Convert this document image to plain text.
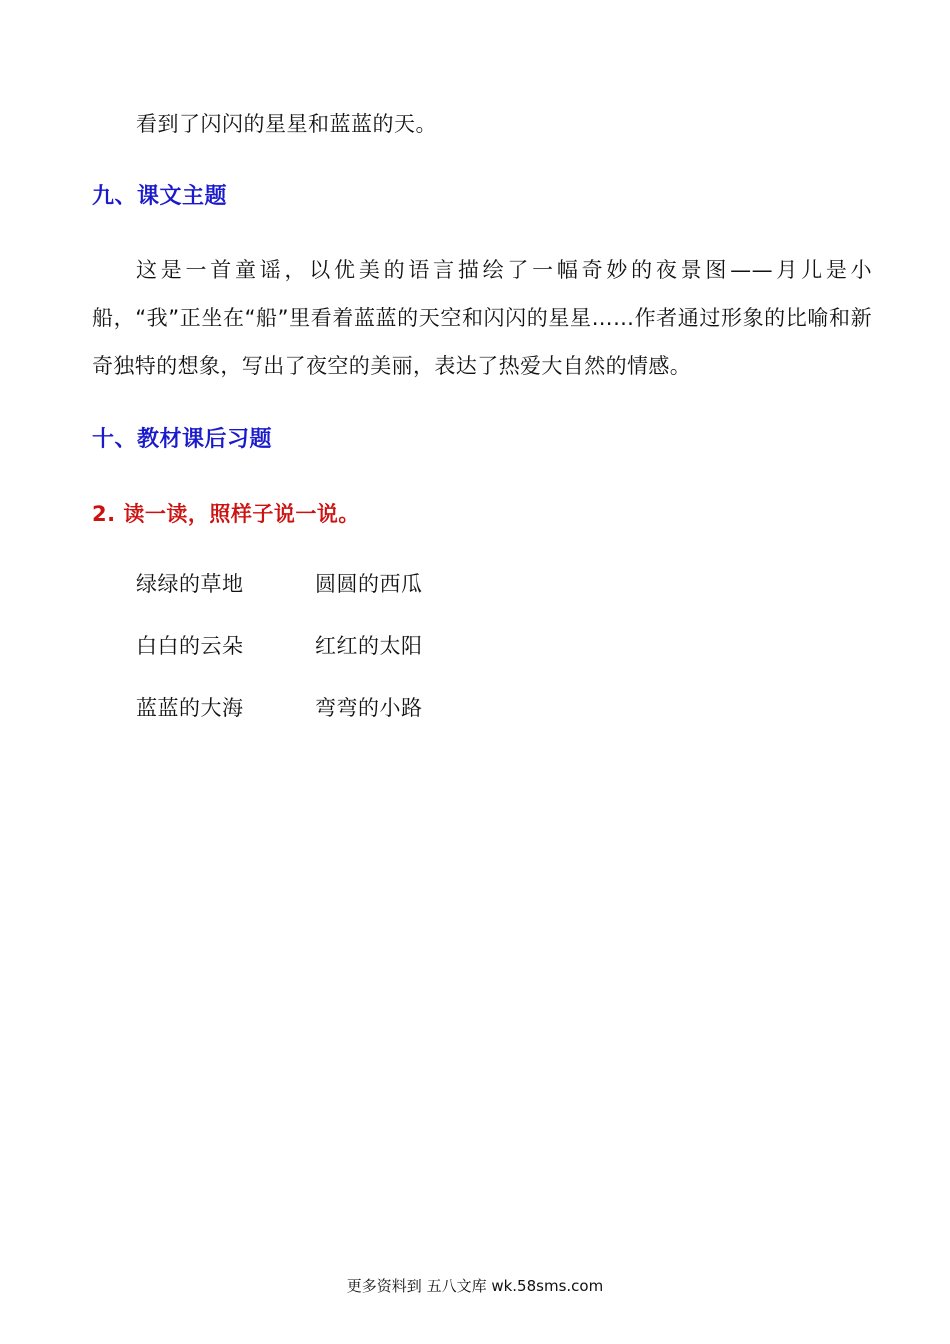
看到了闪闪的星星和蓝蓝的天。
九、课文主题
这是一首童谣，以优美的语言描绘了一幅奇妙的夜景图——月儿是小船，“我”正坐在“船”里看着蓝蓝的天空和闪闪的星星……作者通过形象的比喻和新奇独特的想象，写出了夜空的美丽，表达了热爱大自然的情感。
十、教材课后习题
2. 读一读，照样子说一说。
绿绿的草地	圆圆的西瓜
白白的云朵	红红的太阳
蓝蓝的大海	弯弯的小路
更多资料到 五八文库 wk.58sms.com
